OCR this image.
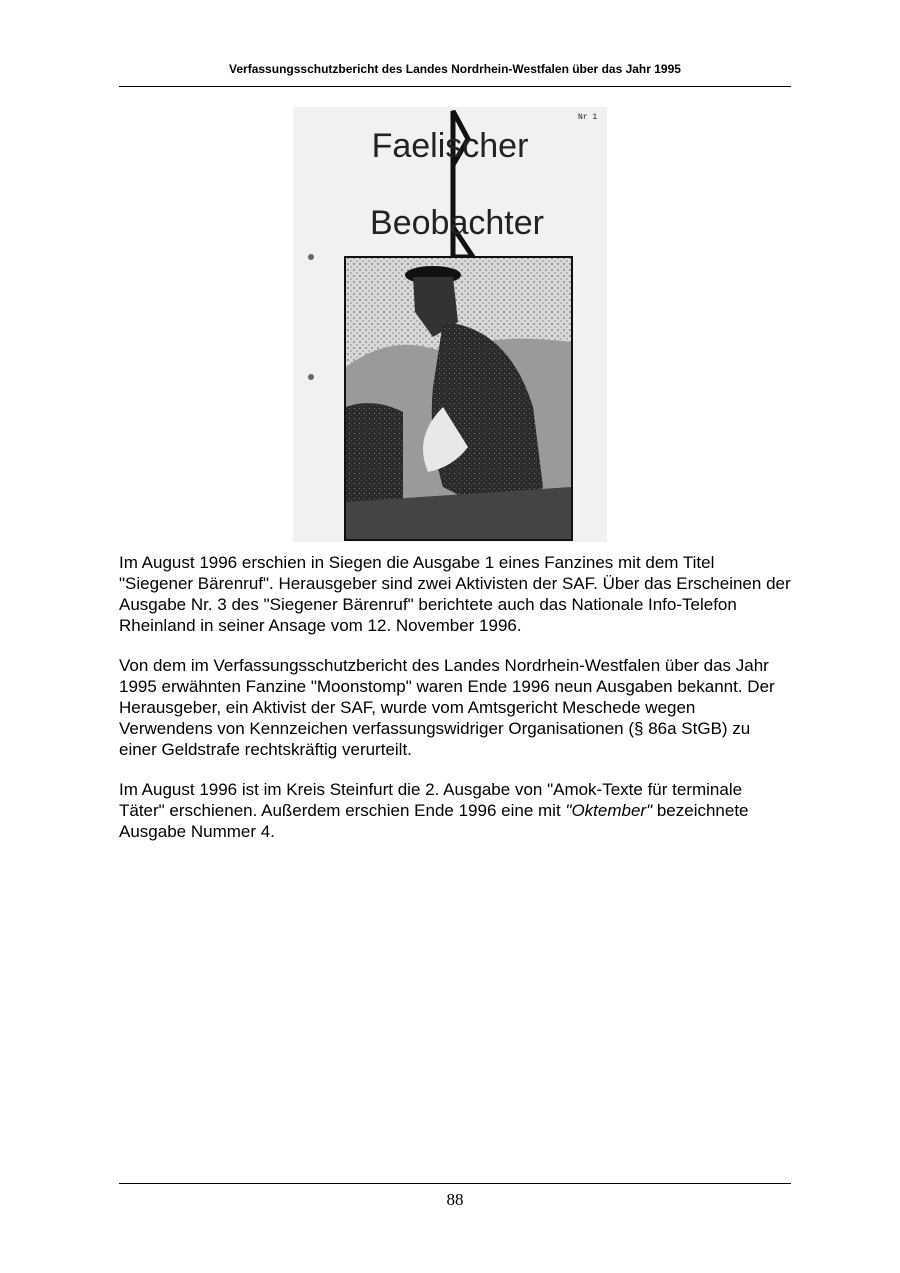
Verfassungsschutzbericht des Landes Nordrhein-Westfalen über das Jahr 1995
Nr 1
Faelischer
Beobachter

Im August 1996 erschien in Siegen die Ausgabe 1 eines Fanzines mit dem Titel "Siegener Bärenruf". Herausgeber sind zwei Aktivisten der SAF. Über das Erscheinen der Ausgabe Nr. 3 des "Siegener Bärenruf" berichtete auch das Nationale Info-Telefon Rheinland in seiner Ansage vom 12. November 1996.

Von dem im Verfassungsschutzbericht des Landes Nordrhein-Westfalen über das Jahr 1995 erwähnten Fanzine "Moonstomp" waren Ende 1996 neun Ausgaben bekannt. Der Herausgeber, ein Aktivist der SAF, wurde vom Amtsgericht Meschede wegen Verwendens von Kennzeichen verfassungswidriger Organisationen (§ 86a StGB) zu einer Geldstrafe rechtskräftig verurteilt.

Im August 1996 ist im Kreis Steinfurt die 2. Ausgabe von "Amok-Texte für terminale Täter" erschienen. Außerdem erschien Ende 1996 eine mit "Oktember" bezeichnete Ausgabe Nummer 4.

88
